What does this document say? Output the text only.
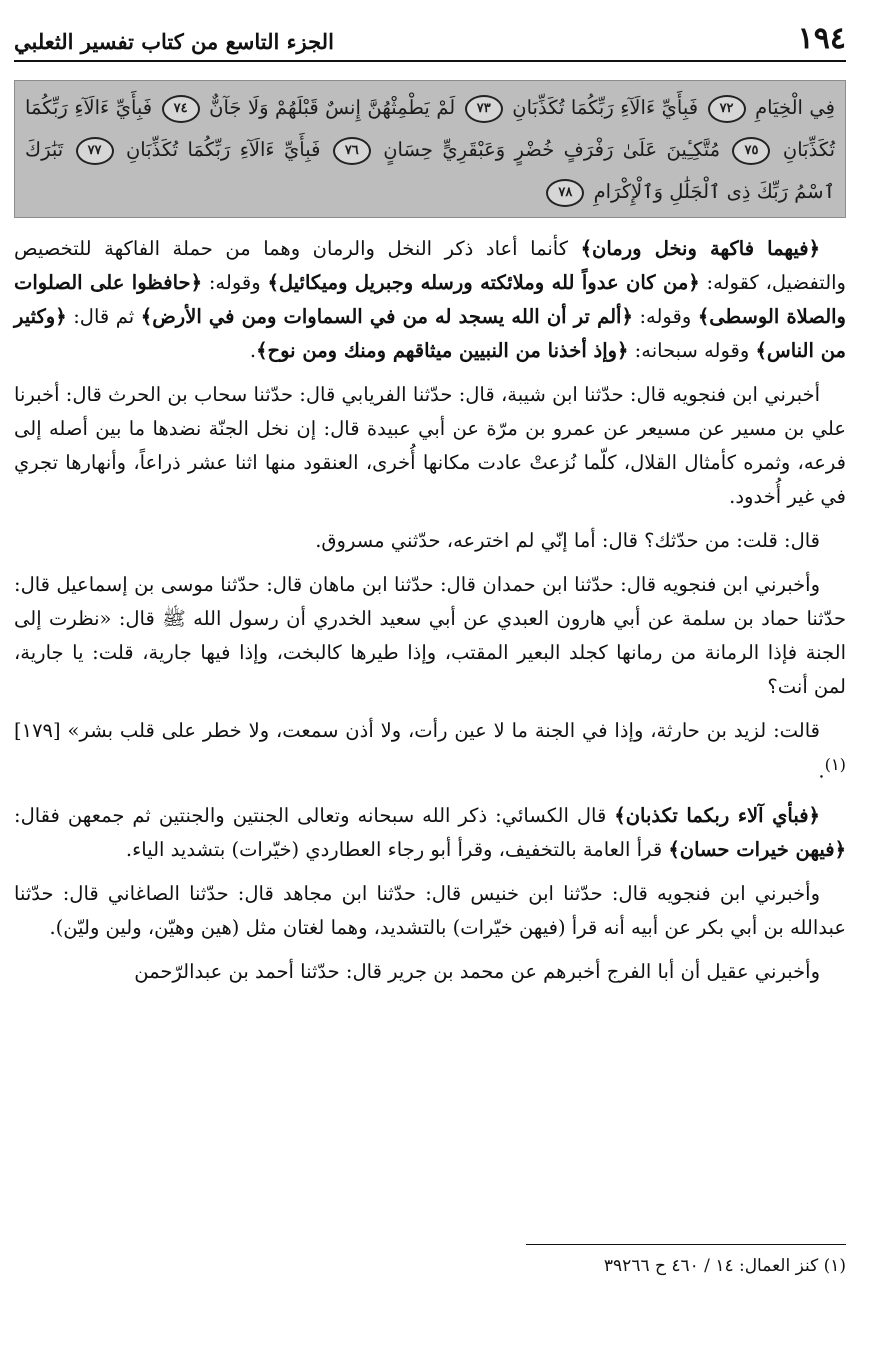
١٩٤
الجزء التاسع من كتاب تفسير الثعلبي
فِي الْخِيَامِ ٧٢ فَبِأَيِّ ءَالَآءِ رَبِّكُمَا تُكَذِّبَانِ ٧٣ لَمْ يَطْمِثْهُنَّ إِنسٌ قَبْلَهُمْ وَلَا جَآنٌّ ٧٤ فَبِأَيِّ ءَالَآءِ رَبِّكُمَا تُكَذِّبَانِ ٧٥ مُتَّكِـِٔينَ عَلَىٰ رَفْرَفٍ خُضْرٍ وَعَبْقَرِيٍّ حِسَانٍ ٧٦ فَبِأَيِّ ءَالَآءِ رَبِّكُمَا تُكَذِّبَانِ ٧٧ تَبَٰرَكَ ٱسْمُ رَبِّكَ ذِى ٱلْجَلَٰلِ وَٱلْإِكْرَامِ ٧٨

﴿فيهما فاكهة ونخل ورمان﴾ كأنما أعاد ذكر النخل والرمان وهما من حملة الفاكهة للتخصيص والتفضيل، كقوله: ﴿من كان عدواً لله وملائكته ورسله وجبريل وميكائيل﴾ وقوله: ﴿حافظوا على الصلوات والصلاة الوسطى﴾ وقوله: ﴿ألم تر أن الله يسجد له من في السماوات ومن في الأرض﴾ ثم قال: ﴿وكثير من الناس﴾ وقوله سبحانه: ﴿وإذ أخذنا من النبيين ميثاقهم ومنك ومن نوح﴾.

أخبرني ابن فنجويه قال: حدّثنا ابن شيبة، قال: حدّثنا الفريابي قال: حدّثنا سحاب بن الحرث قال: أخبرنا علي بن مسير عن مسيعر عن عمرو بن مرّة عن أبي عبيدة قال: إن نخل الجنّة نضدها ما بين أصله إلى فرعه، وثمره كأمثال القلال، كلّما نُزعتْ عادت مكانها أُخرى، العنقود منها اثنا عشر ذراعاً، وأنهارها تجري في غير أُخدود.

قال: قلت: من حدّثك؟ قال: أما إنّي لم اخترعه، حدّثني مسروق.

وأخبرني ابن فنجويه قال: حدّثنا ابن حمدان قال: حدّثنا ابن ماهان قال: حدّثنا موسى بن إسماعيل قال: حدّثنا حماد بن سلمة عن أبي هارون العبدي عن أبي سعيد الخدري أن رسول الله ﷺ قال: «نظرت إلى الجنة فإذا الرمانة من رمانها كجلد البعير المقتب، وإذا طيرها كالبخت، وإذا فيها جارية، قلت: يا جارية، لمن أنت؟

قالت: لزيد بن حارثة، وإذا في الجنة ما لا عين رأت، ولا أذن سمعت، ولا خطر على قلب بشر» [١٧٩]$^{(١)}$.

﴿فبأي آلاء ربكما تكذبان﴾ قال الكسائي: ذكر الله سبحانه وتعالى الجنتين والجنتين ثم جمعهن فقال: ﴿فيهن خيرات حسان﴾ قرأ العامة بالتخفيف، وقرأ أبو رجاء العطاردي (خيّرات) بتشديد الياء.

وأخبرني ابن فنجويه قال: حدّثنا ابن خنيس قال: حدّثنا ابن مجاهد قال: حدّثنا الصاغاني قال: حدّثنا عبدالله بن أبي بكر عن أبيه أنه قرأ (فيهن خيّرات) بالتشديد، وهما لغتان مثل (هين وهيّن، ولين وليّن).

وأخبرني عقيل أن أبا الفرج أخبرهم عن محمد بن جرير قال: حدّثنا أحمد بن عبدالرّحمن

(١) كنز العمال: ١٤ / ٤٦٠ ح ٣٩٢٦٦
